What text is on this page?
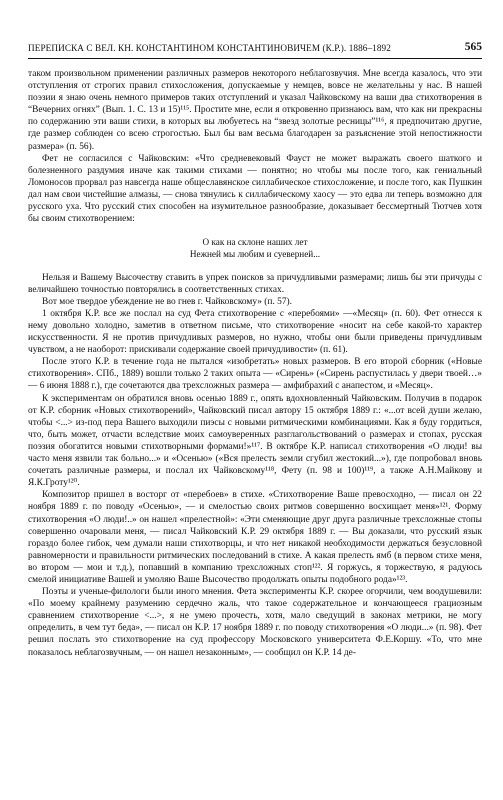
ПЕРЕПИСКА С ВЕЛ. КН. КОНСТАНТИНОМ КОНСТАНТИНОВИЧЕМ (К.Р.). 1886–1892	565

таком произвольном применении различных размеров некоторого неблагозвучия. Мне всегда казалось, что эти отступления от строгих правил стихосложения, допускаемые у немцев, вовсе не желательны у нас. В нашей поэзии я знаю очень немного примеров таких отступлений и указал Чайковскому на ваши два стихотворения в “Вечерних огнях” (Вып. 1. С. 13 и 15)¹¹⁵. Простите мне, если я откровенно признаюсь вам, что как ни прекрасны по содержанию эти ваши стихи, в которых вы любуетесь на “звезд золотые ресницы”¹¹⁶, я предпочитаю другие, где размер соблюден со всею строгостью. Был бы вам весьма благодарен за разъяснение этой непостижности размера» (п. 56).

Фет не согласился с Чайковским: «Что средневековый Фауст не может выражать своего шаткого и болезненного раздумия иначе как такими стихами — понятно; но чтобы мы после того, как гениальный Ломоносов прорвал раз навсегда наше общеславянское силлабическое стихосложение, и после того, как Пушкин дал нам свои чистейшие алмазы, — снова тянулись к силлабическому хаосу — это едва ли теперь возможно для русского уха. Что русский стих способен на изумительное разнообразие, доказывает бессмертный Тютчев хотя бы своим стихотворением:

О как на склоне наших лет
Нежней мы любим и суеверней...

Нельзя и Вашему Высочеству ставить в упрек поисков за причудливыми размерами; лишь бы эти причуды с величайшею точностью повторялись в соответственных стихах.

Вот мое твердое убеждение не во гнев г. Чайковскому» (п. 57).

1 октября К.Р. все же послал на суд Фета стихотворение с «перебоями» —«Месяц» (п. 60). Фет отнесся к нему довольно холодно, заметив в ответном письме, что стихотворение «носит на себе какой-то характер искусственности. Я не против причудливых размеров, но нужно, чтобы они были приведены причудливым чувством, а не наоборот: прискивали содержание своей причудливости» (п. 61).

После этого К.Р. в течение года не пытался «изобретать» новых размеров. В его второй сборник («Новые стихотворения». СПб., 1889) вошли только 2 таких опыта — «Сирень» («Сирень распустилась у двери твоей…» — 6 июня 1888 г.), где сочетаются два трехсложных размера — амфибрахий с анапестом, и «Месяц».

К экспериментам он обратился вновь осенью 1889 г., опять вдохновленный Чайковским. Получив в подарок от К.Р. сборник «Новых стихотворений», Чайковский писал автору 15 октября 1889 г.: «...от всей души желаю, чтобы <...> из-под пера Вашего выходили пиэсы с новыми ритмическими комбинациями. Как я буду гордиться, что, быть может, отчасти вследствие моих самоуверенных разглагольствований о размерах и стопах, русская поэзия обогатится новыми стихотворными формами!»¹¹⁷. В октябре К.Р. написал стихотворения «О люди! вы часто меня язвили так больно...» и «Осенью» («Вся прелесть земли сгубил жестокий...»), где попробовал вновь сочетать различные размеры, и послал их Чайковскому¹¹⁸, Фету (п. 98 и 100)¹¹⁹, а также А.Н.Майкову и Я.К.Гроту¹²⁰.

Композитор пришел в восторг от «перебоев» в стихе. «Стихотворение Ваше превосходно, — писал он 22 ноября 1889 г. по поводу «Осенью», — и смелостью своих ритмов совершенно восхищает меня»¹²¹. Форму стихотворения «О люди!..» он нашел «прелестной»: «Эти сменяющие друг друга различные трехсложные стопы совершенно очаровали меня, — писал Чайковский К.Р. 29 октября 1889 г. — Вы доказали, что русский язык гораздо более гибок, чем думали наши стихотворцы, и что нет никакой необходимости держаться безусловной равномерности и правильности ритмических последований в стихе. А какая прелесть ямб (в первом стихе меня, во втором — мои и т.д.), попавший в компанию трехсложных стоп¹²². Я горжусь, я торжествую, я радуюсь смелой инициативе Вашей и умоляю Ваше Высочество продолжать опыты подобного рода»¹²³.

Поэты и ученые-филологи были иного мнения. Фета эксперименты К.Р. скорее огорчили, чем воодушевили: «По моему крайнему разумению сердечно жаль, что такое содержательное и кончающееся грациозным сравнением стихотворение <...>, я не умею прочесть, хотя, мало сведущий в законах метрики, не могу определить, в чем тут беда», — писал он К.Р. 17 ноября 1889 г. по поводу стихотворения «О люди...» (п. 98). Фет решил послать это стихотворение на суд профессору Московского университета Ф.Е.Коршу. «То, что мне показалось неблагозвучным, — он нашел незаконным», — сообщил он К.Р. 14 де-
